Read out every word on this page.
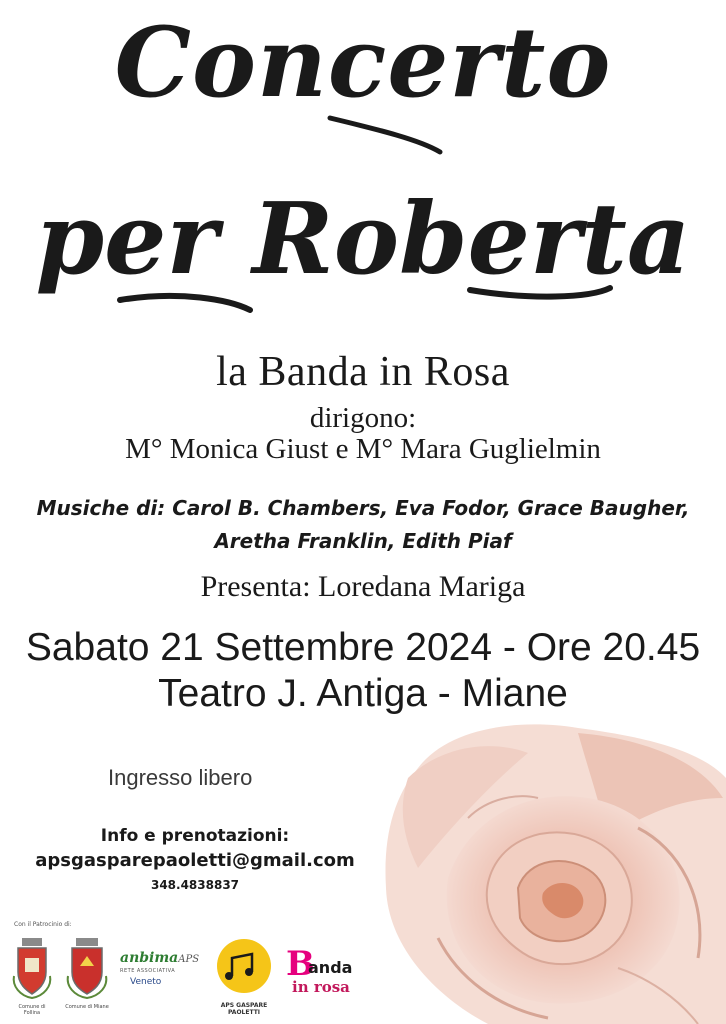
Concerto
per Roberta
la Banda in Rosa
dirigono:
M° Monica Giust e M° Mara Guglielmin
Musiche di: Carol B. Chambers, Eva Fodor, Grace Baugher,
Aretha Franklin, Edith Piaf
Presenta: Loredana Mariga
Sabato 21 Settembre 2024 - Ore 20.45
Teatro J. Antiga - Miane
Ingresso libero
Info e prenotazioni:
apsgasparepaoletti@gmail.com
348.4838837
Con il Patrocinio di:
Comune di Follina
Comune di Miane
anbimaAPS
RETE ASSOCIATIVA
Veneto
APS GASPARE PAOLETTI
B
anda
in rosa
